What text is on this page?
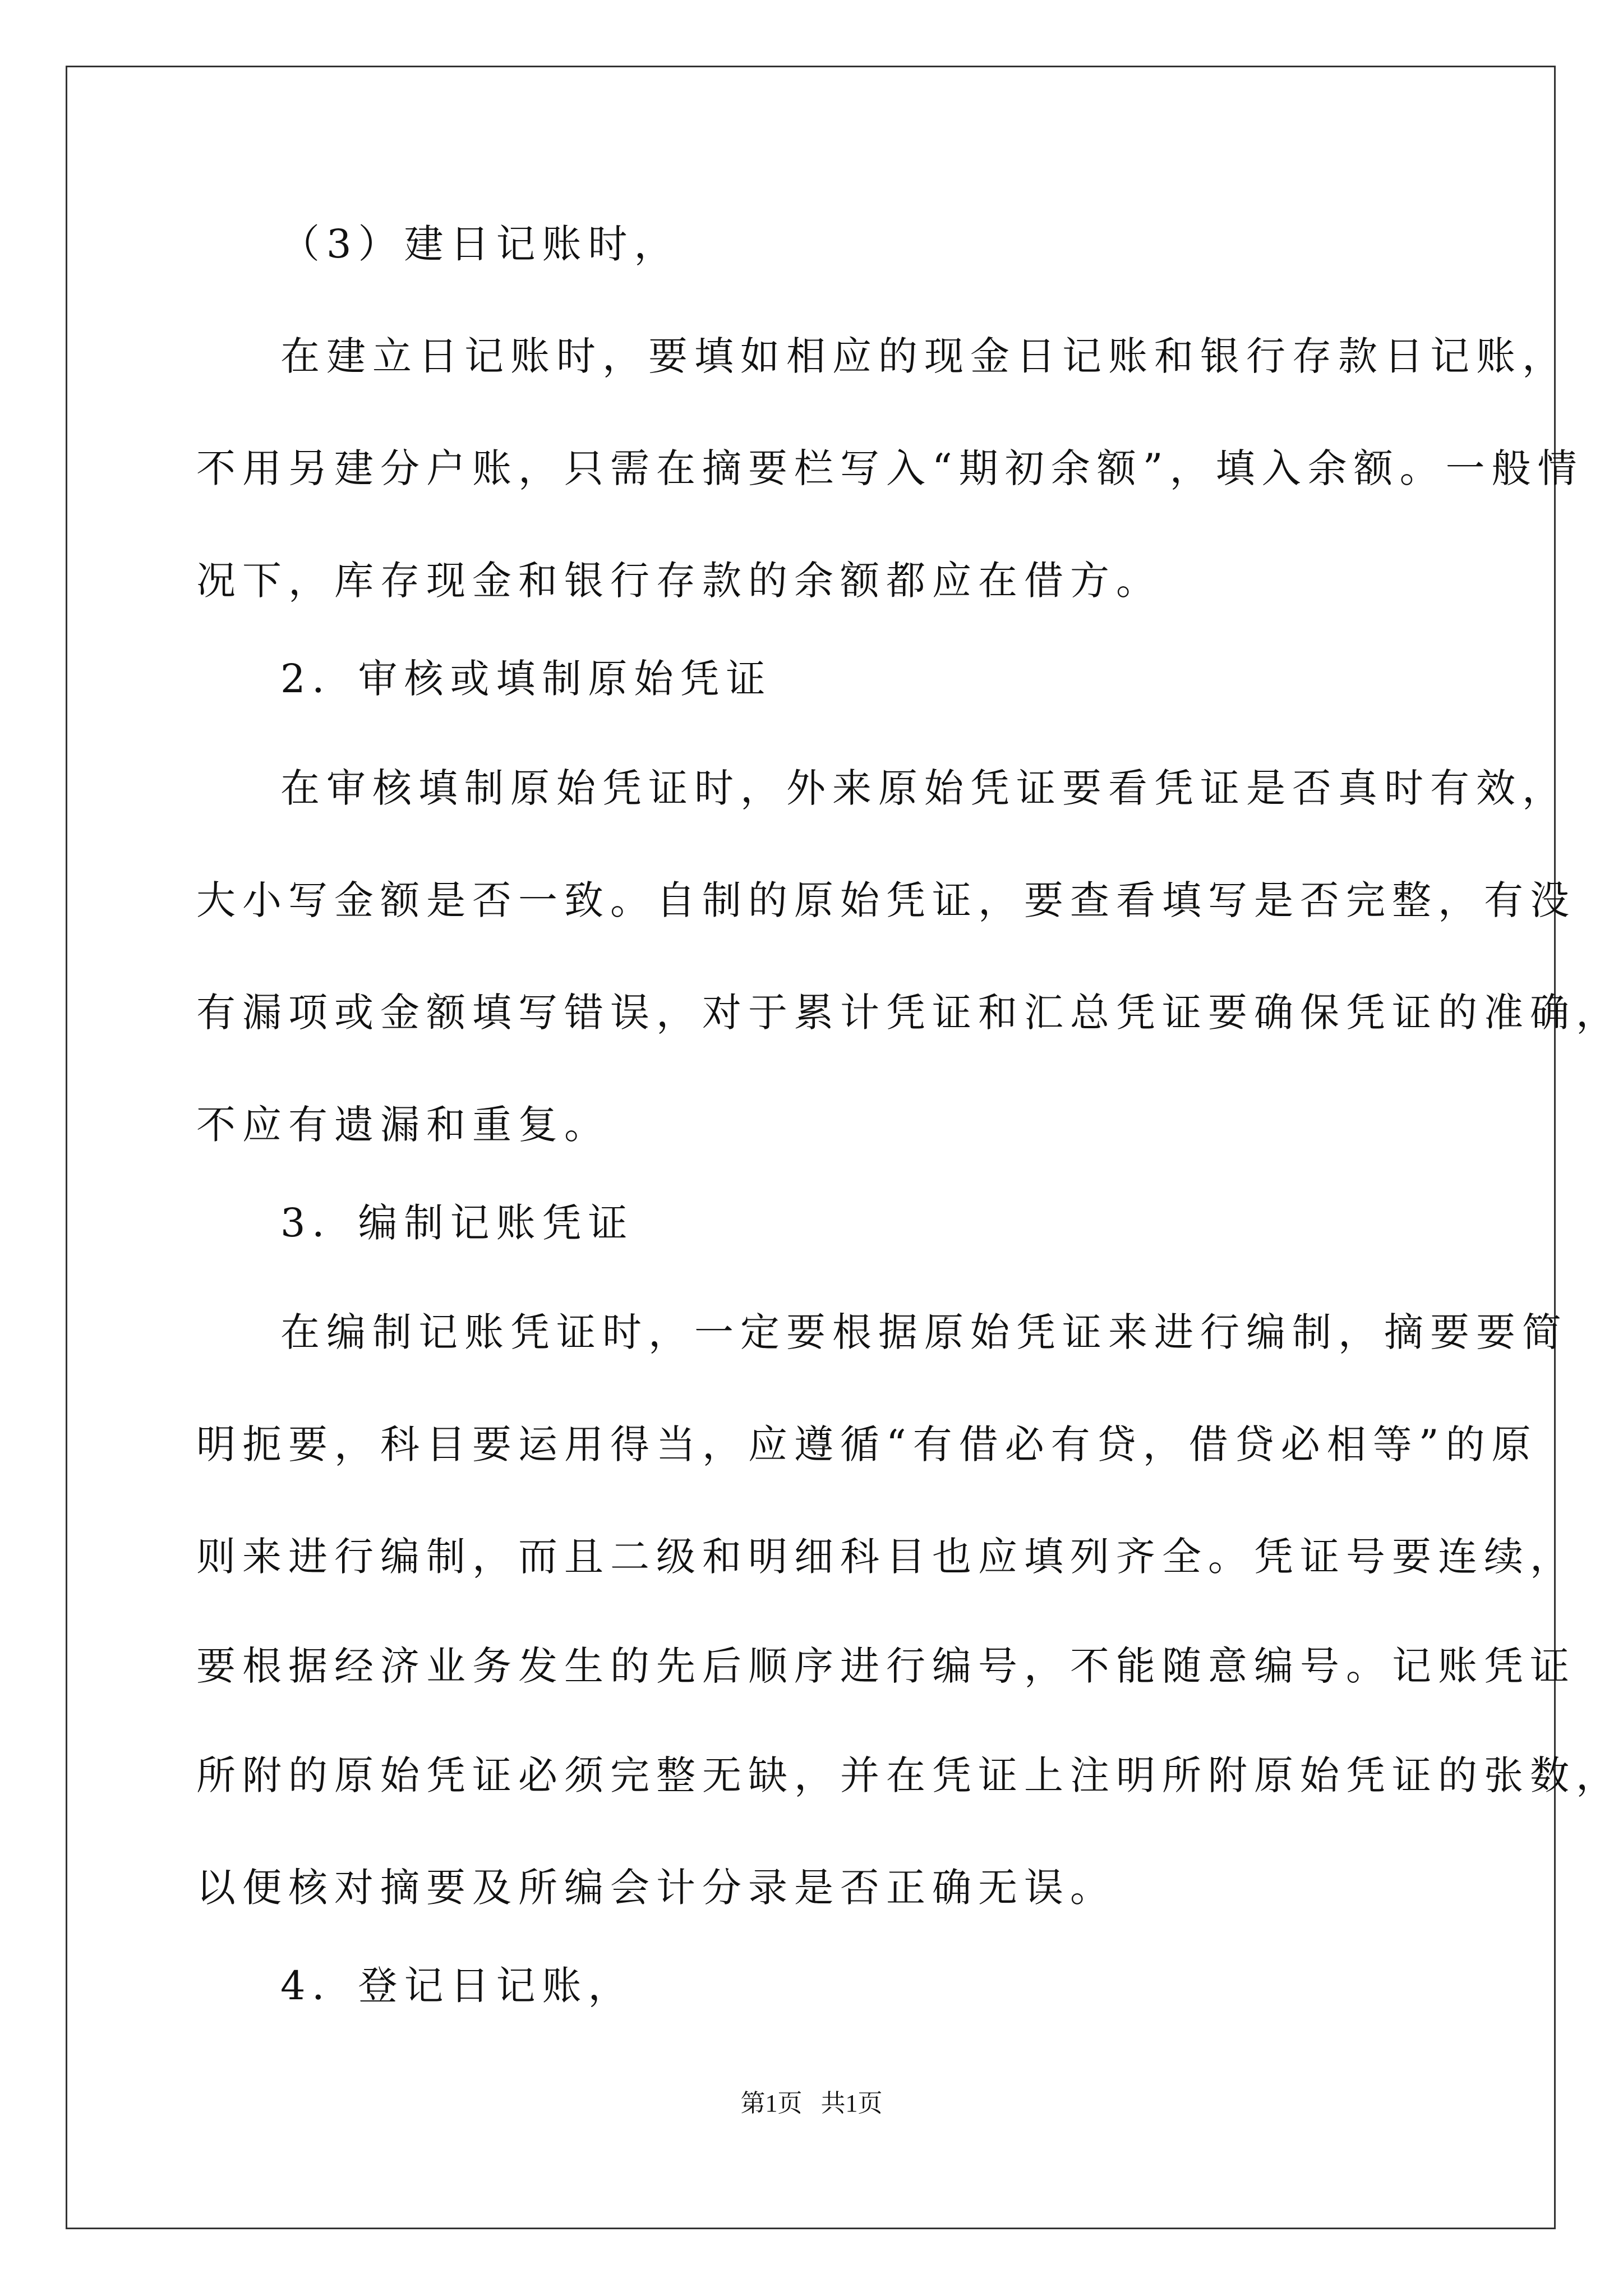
（3）建日记账时，
在建立日记账时，要填如相应的现金日记账和银行存款日记账，
不用另建分户账，只需在摘要栏写入“期初余额”，填入余额。一般情
况下，库存现金和银行存款的余额都应在借方。
2．审核或填制原始凭证
在审核填制原始凭证时，外来原始凭证要看凭证是否真时有效，
大小写金额是否一致。自制的原始凭证，要查看填写是否完整，有没
有漏项或金额填写错误，对于累计凭证和汇总凭证要确保凭证的准确，
不应有遗漏和重复。
3．编制记账凭证
在编制记账凭证时，一定要根据原始凭证来进行编制，摘要要简
明扼要，科目要运用得当，应遵循“有借必有贷，借贷必相等”的原
则来进行编制，而且二级和明细科目也应填列齐全。凭证号要连续，
要根据经济业务发生的先后顺序进行编号，不能随意编号。记账凭证
所附的原始凭证必须完整无缺，并在凭证上注明所附原始凭证的张数，
以便核对摘要及所编会计分录是否正确无误。
4．登记日记账，
第1页   共1页
